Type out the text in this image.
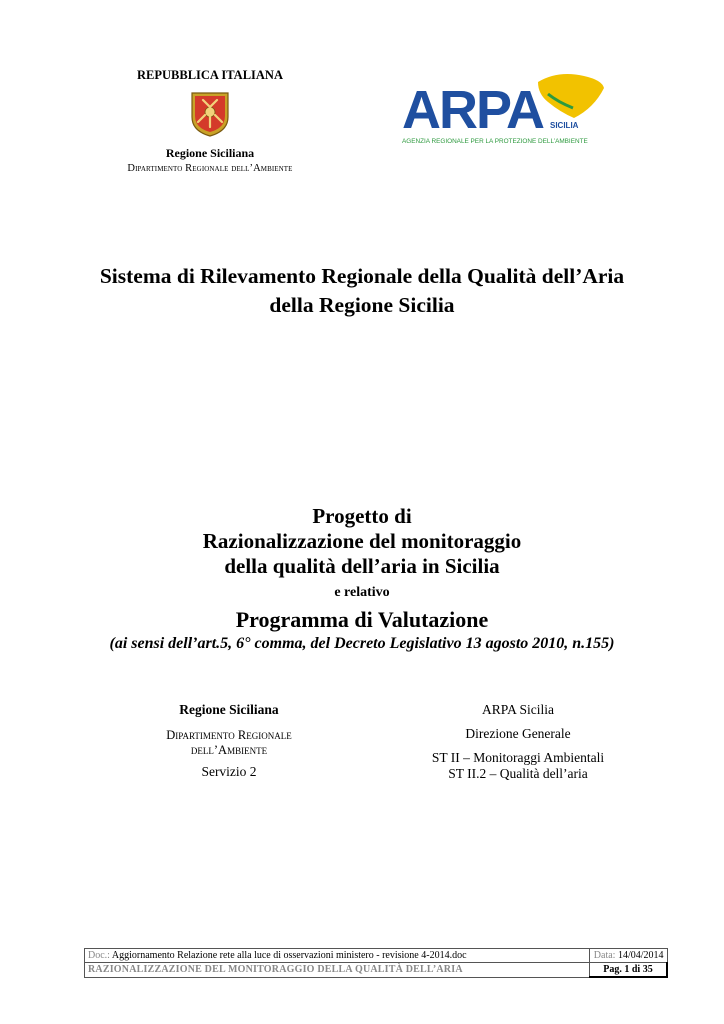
REPUBBLICA ITALIANA
Regione Siciliana
Dipartimento Regionale dell’Ambiente
ARPA SICILIA
AGENZIA REGIONALE PER LA PROTEZIONE DELL’AMBIENTE
Sistema di Rilevamento Regionale della Qualità dell’Aria
della Regione Sicilia
Progetto di
Razionalizzazione del monitoraggio
della qualità dell’aria in Sicilia
e relativo
Programma di Valutazione
(ai sensi dell’art.5, 6° comma, del Decreto Legislativo 13 agosto 2010, n.155)
Regione Siciliana
Dipartimento Regionale
dell’Ambiente
Servizio 2
ARPA Sicilia
Direzione Generale
ST II – Monitoraggi Ambientali
ST II.2 – Qualità dell’aria
Doc.: Aggiornamento Relazione rete alla luce di osservazioni ministero - revisione 4-2014.doc	Data: 14/04/2014
RAZIONALIZZAZIONE DEL MONITORAGGIO DELLA QUALITÀ DELL’ARIA	Pag. 1 di 35
